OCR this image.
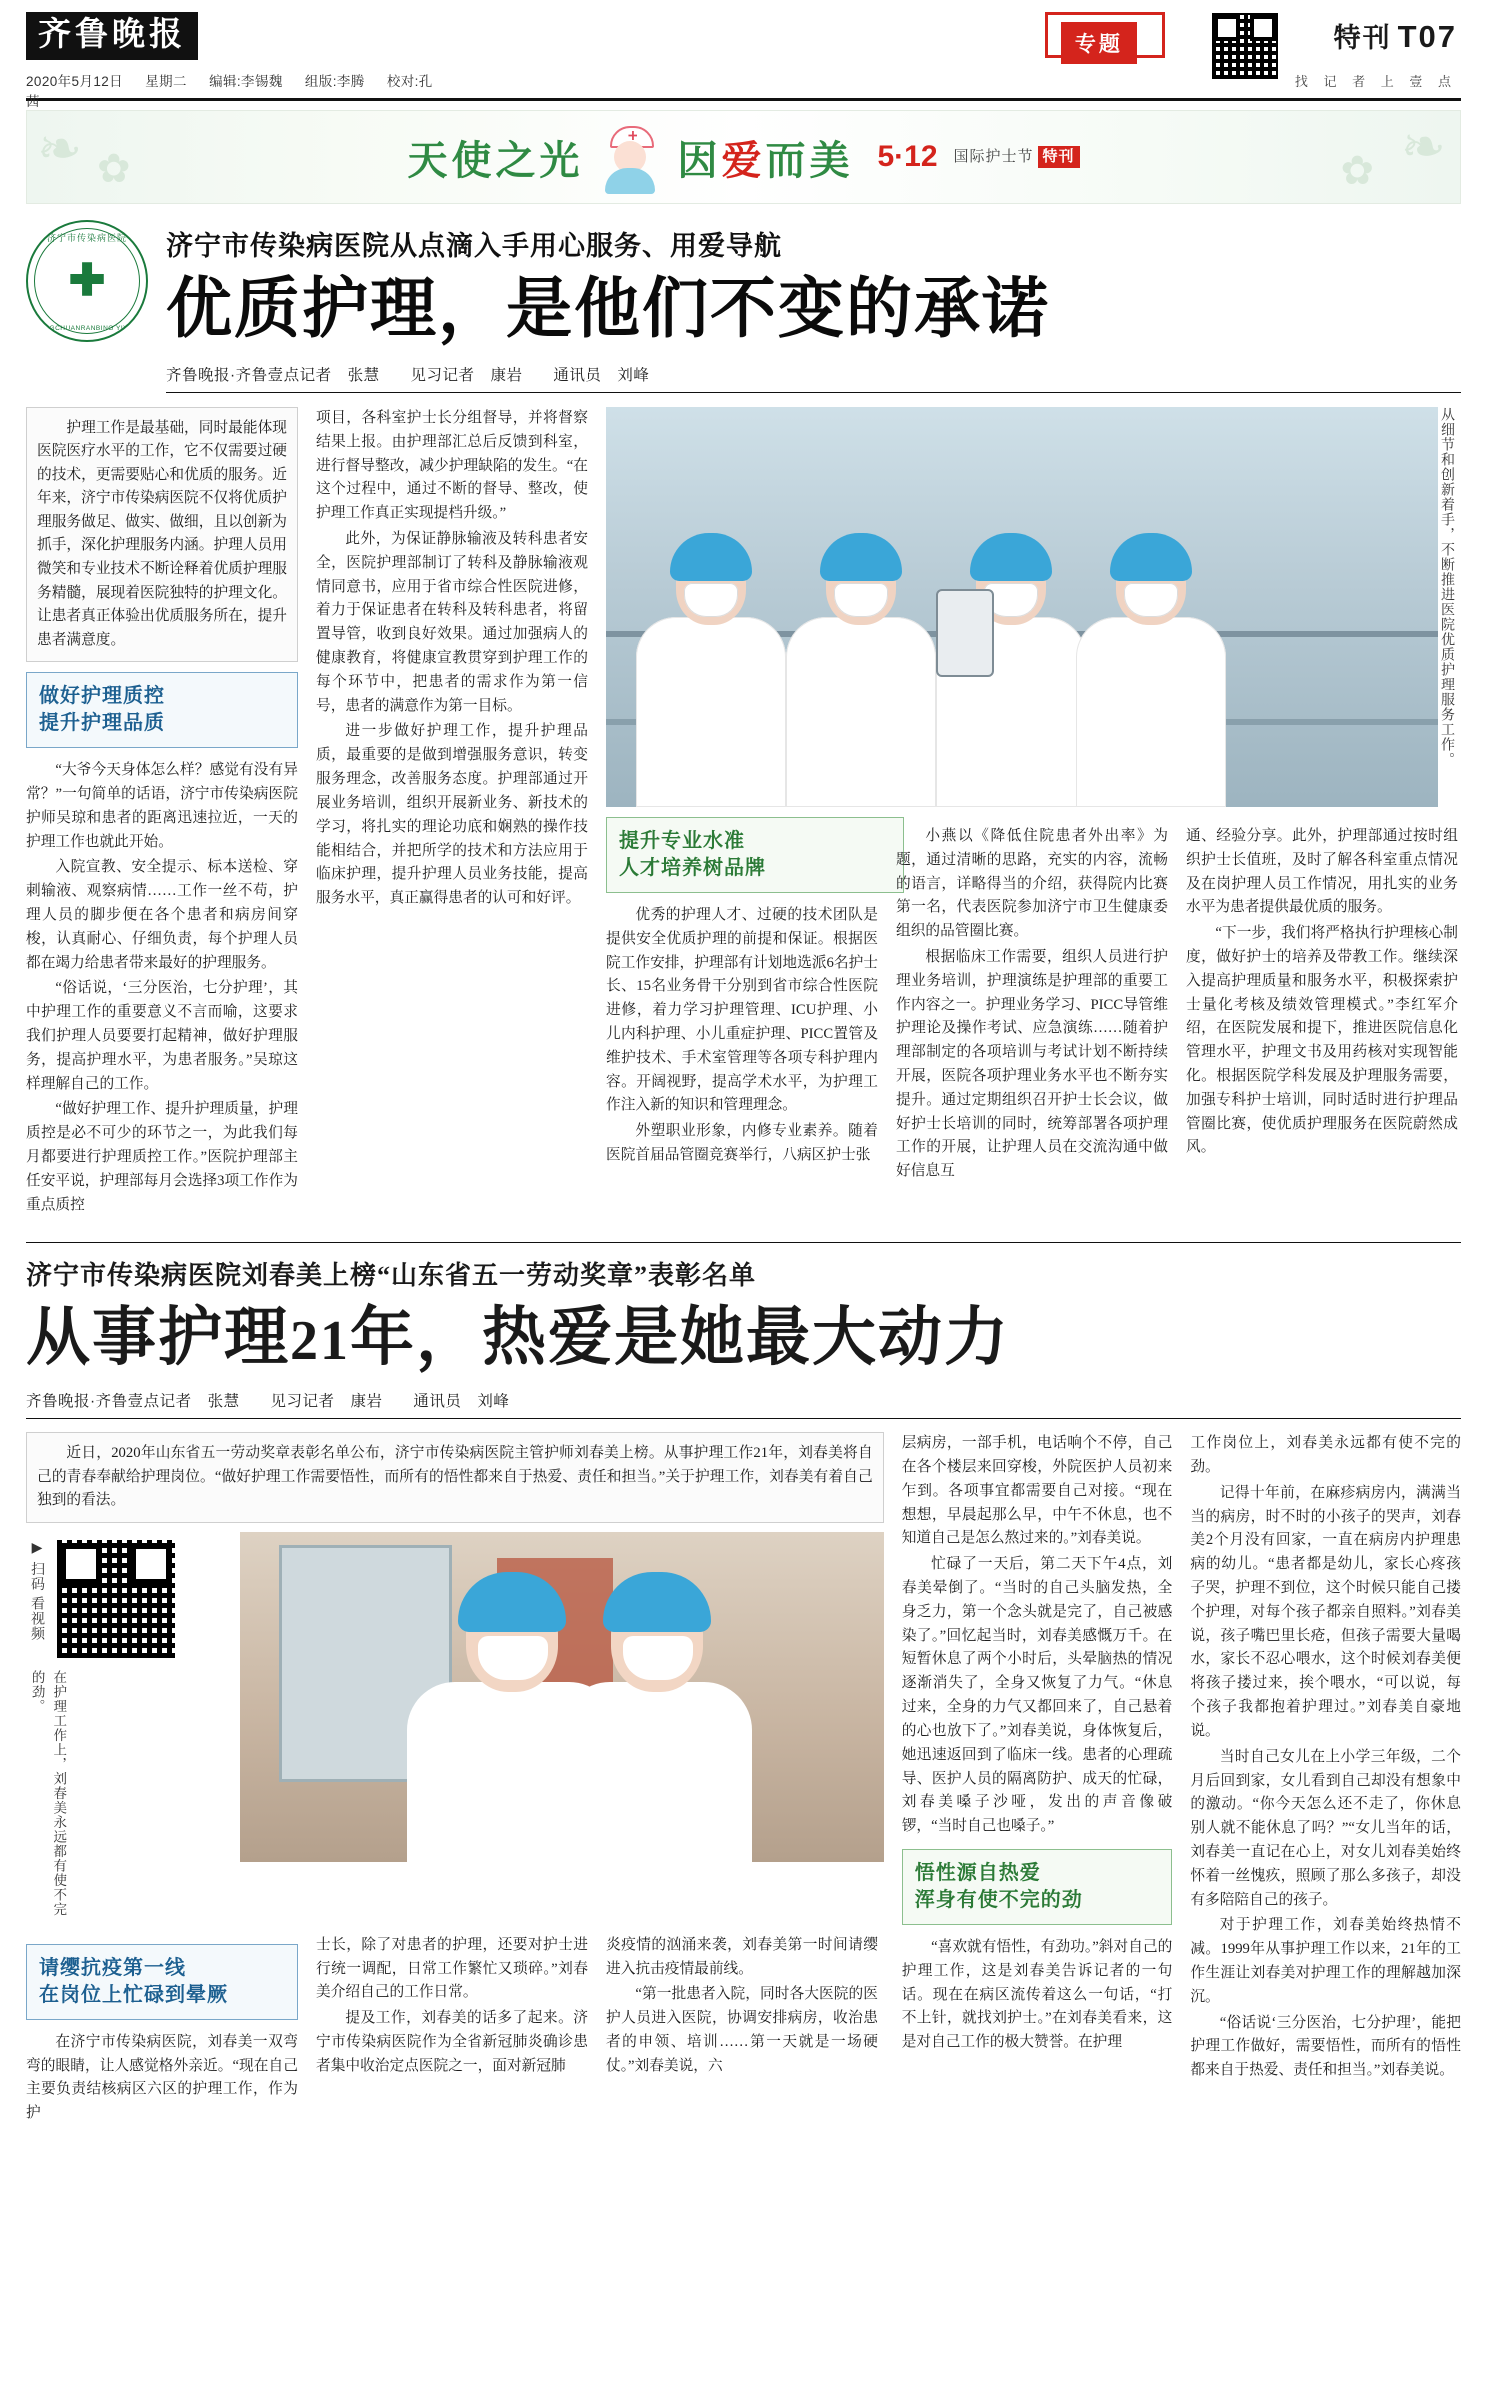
齐鲁晚报
2020年5月12日 星期二 编辑:李锡魏 组版:李腾 校对:孔茜
专题	特刊 T07
找 记 者 上 壹 点
❧ ✿	❧
✿
天使之光 因爱而美 5·12 国际护士节 特刊
济宁市传染病医院
✚
JININGCHUANRANBING YIYUAN
济宁市传染病医院从点滴入手用心服务、用爱导航
优质护理，是他们不变的承诺
齐鲁晚报·齐鲁壹点记者　张慧 见习记者　康岩 通讯员　刘峰

护理工作是最基础，同时最能体现医院医疗水平的工作，它不仅需要过硬的技术，更需要贴心和优质的服务。近年来，济宁市传染病医院不仅将优质护理服务做足、做实、做细，且以创新为抓手，深化护理服务内涵。护理人员用微笑和专业技术不断诠释着优质护理服务精髓，展现着医院独特的护理文化。让患者真正体验出优质服务所在，提升患者满意度。

做好护理质控
提升护理品质

“大爷今天身体怎么样？感觉有没有异常？”一句简单的话语，济宁市传染病医院护师吴琼和患者的距离迅速拉近，一天的护理工作也就此开始。

入院宣教、安全提示、标本送检、穿刺输液、观察病情……工作一丝不苟，护理人员的脚步便在各个患者和病房间穿梭，认真耐心、仔细负责，每个护理人员都在竭力给患者带来最好的护理服务。

“俗话说，‘三分医治，七分护理’，其中护理工作的重要意义不言而喻，这要求我们护理人员要要打起精神，做好护理服务，提高护理水平，为患者服务。”吴琼这样理解自己的工作。

“做好护理工作、提升护理质量，护理质控是必不可少的环节之一，为此我们每月都要进行护理质控工作。”医院护理部主任安平说，护理部每月会选择3项工作作为重点质控

项目，各科室护士长分组督导，并将督察结果上报。由护理部汇总后反馈到科室，进行督导整改，减少护理缺陷的发生。“在这个过程中，通过不断的督导、整改，使护理工作真正实现提档升级。”

此外，为保证静脉输液及转科患者安全，医院护理部制订了转科及静脉输液观情同意书，应用于省市综合性医院进修，着力于保证患者在转科及转科患者，将留置导管，收到良好效果。通过加强病人的健康教育，将健康宣教贯穿到护理工作的每个环节中，把患者的需求作为第一信号，患者的满意作为第一目标。

进一步做好护理工作，提升护理品质，最重要的是做到增强服务意识，转变服务理念，改善服务态度。护理部通过开展业务培训，组织开展新业务、新技术的学习，将扎实的理论功底和娴熟的操作技能相结合，并把所学的技术和方法应用于临床护理，提升护理人员业务技能，提高服务水平，真正赢得患者的认可和好评。

提升专业水准
人才培养树品牌

优秀的护理人才、过硬的技术团队是提供安全优质护理的前提和保证。根据医院工作安排，护理部有计划地选派6名护士长、15名业务骨干分别到省市综合性医院进修，着力学习护理管理、ICU护理、小儿内科护理、小儿重症护理、PICC置管及维护技术、手术室管理等各项专科护理内容。开阔视野，提高学术水平，为护理工作注入新的知识和管理理念。

外塑职业形象，内修专业素养。随着医院首届品管圈竞赛举行，八病区护士张

小燕以《降低住院患者外出率》为题，通过清晰的思路，充实的内容，流畅的语言，详略得当的介绍，获得院内比赛第一名，代表医院参加济宁市卫生健康委组织的品管圈比赛。

根据临床工作需要，组织人员进行护理业务培训，护理演练是护理部的重要工作内容之一。护理业务学习、PICC导管维护理论及操作考试、应急演练……随着护理部制定的各项培训与考试计划不断持续开展，医院各项护理业务水平也不断夯实提升。通过定期组织召开护士长会议，做好护士长培训的同时，统筹部署各项护理工作的开展，让护理人员在交流沟通中做好信息互

从细节和创新着手，不断推进医院优质护理服务工作。

通、经验分享。此外，护理部通过按时组织护士长值班，及时了解各科室重点情况及在岗护理人员工作情况，用扎实的业务水平为患者提供最优质的服务。

“下一步，我们将严格执行护理核心制度，做好护士的培养及带教工作。继续深入提高护理质量和服务水平，积极探索护士量化考核及绩效管理模式。”李红军介绍，在医院发展和提下，推进医院信息化管理水平，护理文书及用药核对实现智能化。根据医院学科发展及护理服务需要，加强专科护士培训，同时适时进行护理品管圈比赛，使优质护理服务在医院蔚然成风。

济宁市传染病医院刘春美上榜“山东省五一劳动奖章”表彰名单
从事护理21年，热爱是她最大动力
齐鲁晚报·齐鲁壹点记者　张慧 见习记者　康岩 通讯员　刘峰

近日，2020年山东省五一劳动奖章表彰名单公布，济宁市传染病医院主管护师刘春美上榜。从事护理工作21年，刘春美将自己的青春奉献给护理岗位。“做好护理工作需要悟性，而所有的悟性都来自于热爱、责任和担当。”关于护理工作，刘春美有着自己独到的看法。

▶ 扫码 看视频
在护理工作上，刘春美永远都有使不完的劲。
请缨抗疫第一线
在岗位上忙碌到晕厥

在济宁市传染病医院，刘春美一双弯弯的眼睛，让人感觉格外亲近。“现在自己主要负责结核病区六区的护理工作，作为护

士长，除了对患者的护理，还要对护士进行统一调配，日常工作繁忙又琐碎。”刘春美介绍自己的工作日常。

提及工作，刘春美的话多了起来。济宁市传染病医院作为全省新冠肺炎确诊患者集中收治定点医院之一，面对新冠肺

炎疫情的汹涌来袭，刘春美第一时间请缨进入抗击疫情最前线。

“第一批患者入院，同时各大医院的医护人员进入医院，协调安排病房，收治患者的申领、培训……第一天就是一场硬仗。”刘春美说，六

层病房，一部手机，电话响个不停，自己在各个楼层来回穿梭，外院医护人员初来乍到。各项事宜都需要自己对接。“现在想想，早晨起那么早，中午不休息，也不知道自己是怎么熬过来的。”刘春美说。

忙碌了一天后，第二天下午4点，刘春美晕倒了。“当时的自己头脑发热，全身乏力，第一个念头就是完了，自己被感染了。”回忆起当时，刘春美感慨万千。在短暂休息了两个小时后，头晕脑热的情况逐渐消失了，全身又恢复了力气。“休息过来，全身的力气又都回来了，自己悬着的心也放下了。”刘春美说，身体恢复后，她迅速返回到了临床一线。患者的心理疏导、医护人员的隔离防护、成天的忙碌，刘春美嗓子沙哑，发出的声音像破锣，“当时自己也嗓子。”

悟性源自热爱
浑身有使不完的劲

“喜欢就有悟性，有劲功。”斜对自己的护理工作，这是刘春美告诉记者的一句话。现在在病区流传着这么一句话，“打不上针，就找刘护士。”在刘春美看来，这是对自己工作的极大赞誉。在护理

工作岗位上，刘春美永远都有使不完的劲。

记得十年前，在麻疹病房内，满满当当的病房，时不时的小孩子的哭声，刘春美2个月没有回家，一直在病房内护理患病的幼儿。“患者都是幼儿，家长心疼孩子哭，护理不到位，这个时候只能自己搂个护理，对每个孩子都亲自照料。”刘春美说，孩子嘴巴里长疮，但孩子需要大量喝水，家长不忍心喂水，这个时候刘春美便将孩子搂过来，挨个喂水，“可以说，每个孩子我都抱着护理过。”刘春美自豪地说。

当时自己女儿在上小学三年级，二个月后回到家，女儿看到自己却没有想象中的激动。“你今天怎么还不走了，你休息别人就不能休息了吗？”“女儿当年的话，刘春美一直记在心上，对女儿刘春美始终怀着一丝愧疚，照顾了那么多孩子，却没有多陪陪自己的孩子。

对于护理工作，刘春美始终热情不减。1999年从事护理工作以来，21年的工作生涯让刘春美对护理工作的理解越加深沉。

“俗话说‘三分医治，七分护理’，能把护理工作做好，需要悟性，而所有的悟性都来自于热爱、责任和担当。”刘春美说。
